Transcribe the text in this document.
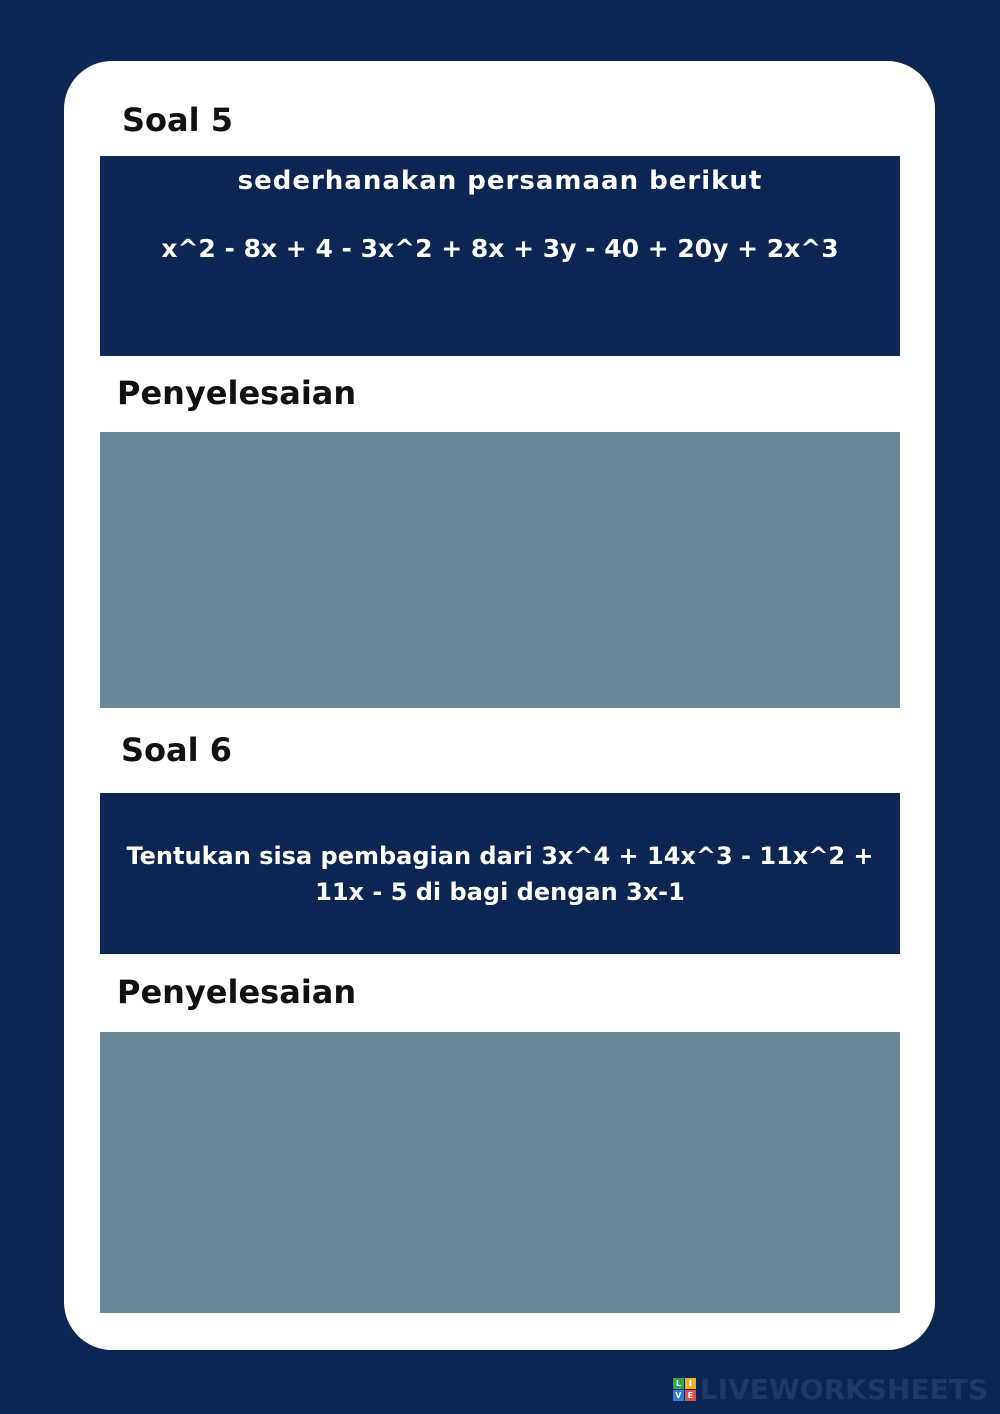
Soal 5
sederhanakan persamaan berikut
x^2 - 8x + 4 - 3x^2 + 8x + 3y - 40 + 20y + 2x^3
Penyelesaian
Soal 6
Tentukan sisa pembagian dari 3x^4 + 14x^3 - 11x^2 + 11x - 5 di bagi dengan 3x-1
Penyelesaian
L I
V E LIVEWORKSHEETS
